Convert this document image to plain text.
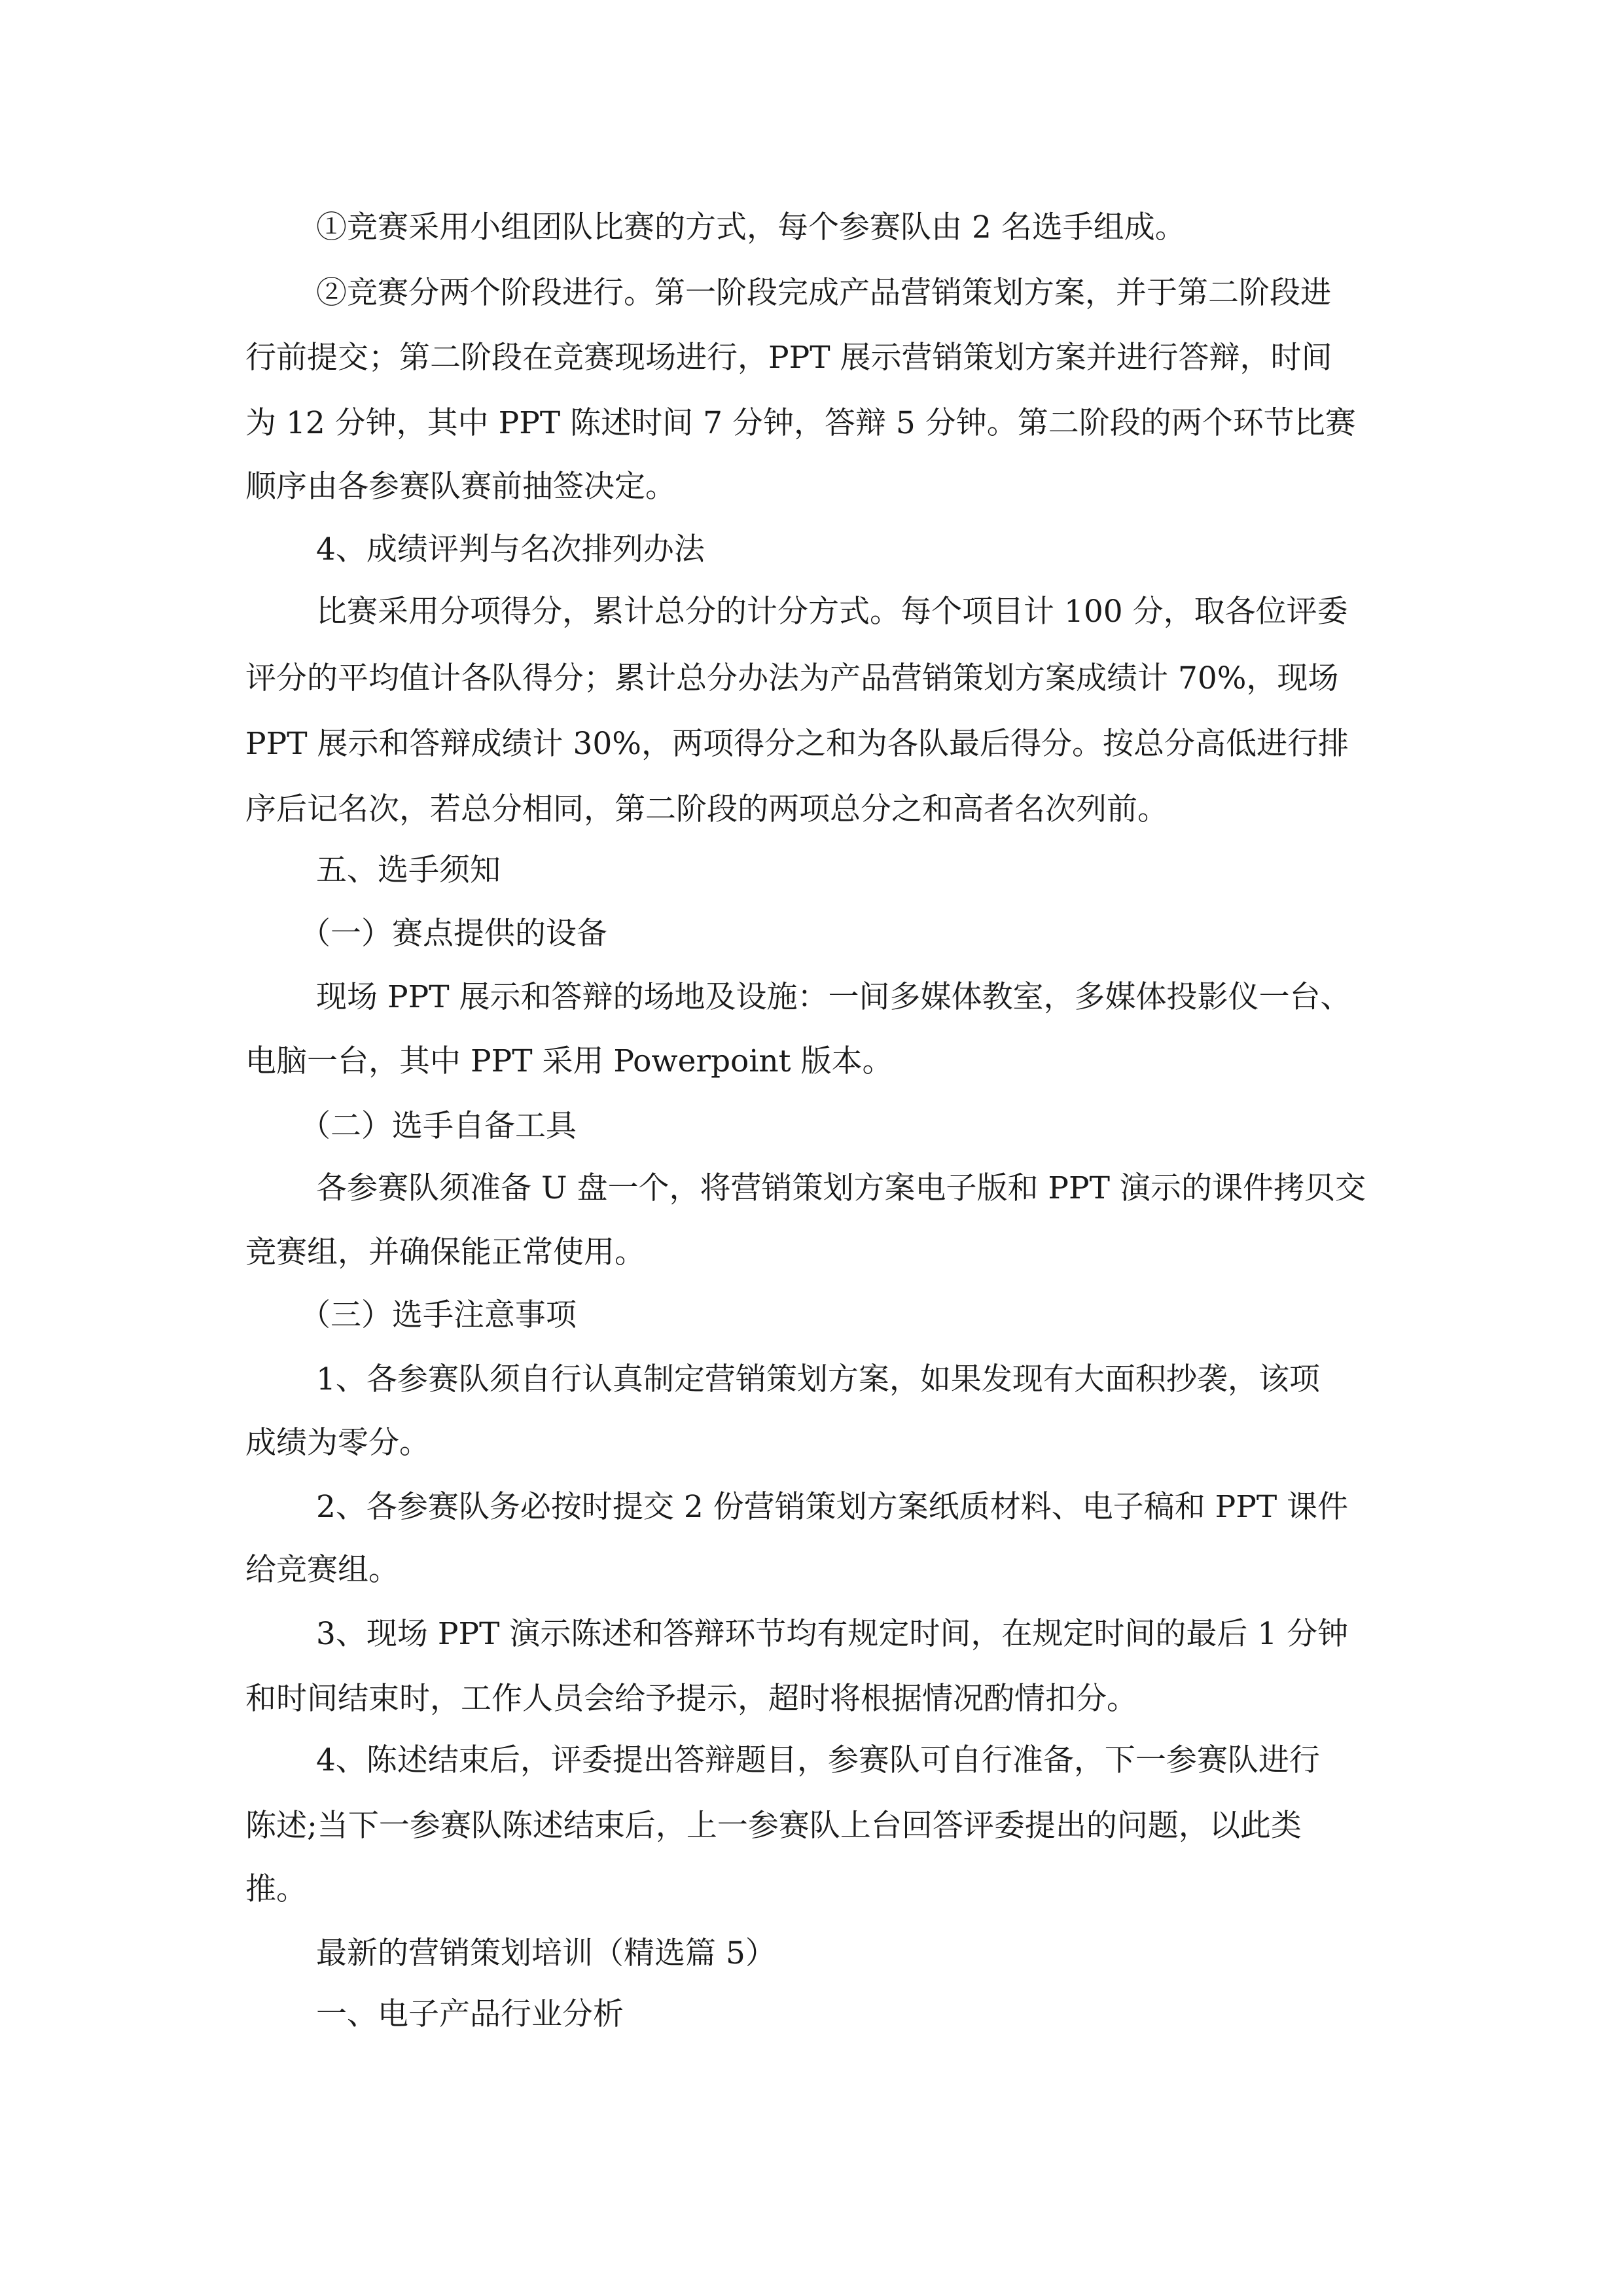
①竞赛采用小组团队比赛的方式，每个参赛队由 2 名选手组成。

②竞赛分两个阶段进行。第一阶段完成产品营销策划方案，并于第二阶段进

行前提交；第二阶段在竞赛现场进行，PPT 展示营销策划方案并进行答辩，时间

为 12 分钟，其中 PPT 陈述时间 7 分钟，答辩 5 分钟。第二阶段的两个环节比赛

顺序由各参赛队赛前抽签决定。

4、成绩评判与名次排列办法

比赛采用分项得分，累计总分的计分方式。每个项目计 100 分，取各位评委

评分的平均值计各队得分；累计总分办法为产品营销策划方案成绩计 70%，现场

PPT 展示和答辩成绩计 30%，两项得分之和为各队最后得分。按总分高低进行排

序后记名次，若总分相同，第二阶段的两项总分之和高者名次列前。

五、选手须知

（一）赛点提供的设备

现场 PPT 展示和答辩的场地及设施：一间多媒体教室，多媒体投影仪一台、

电脑一台，其中 PPT 采用 Powerpoint 版本。

（二）选手自备工具

各参赛队须准备 U 盘一个，将营销策划方案电子版和 PPT 演示的课件拷贝交

竞赛组，并确保能正常使用。

（三）选手注意事项

1、各参赛队须自行认真制定营销策划方案，如果发现有大面积抄袭，该项

成绩为零分。

2、各参赛队务必按时提交 2 份营销策划方案纸质材料、电子稿和 PPT 课件

给竞赛组。

3、现场 PPT 演示陈述和答辩环节均有规定时间，在规定时间的最后 1 分钟

和时间结束时，工作人员会给予提示，超时将根据情况酌情扣分。

4、陈述结束后，评委提出答辩题目，参赛队可自行准备，下一参赛队进行

陈述;当下一参赛队陈述结束后，上一参赛队上台回答评委提出的问题，以此类

推。

最新的营销策划培训（精选篇 5）

一、电子产品行业分析
